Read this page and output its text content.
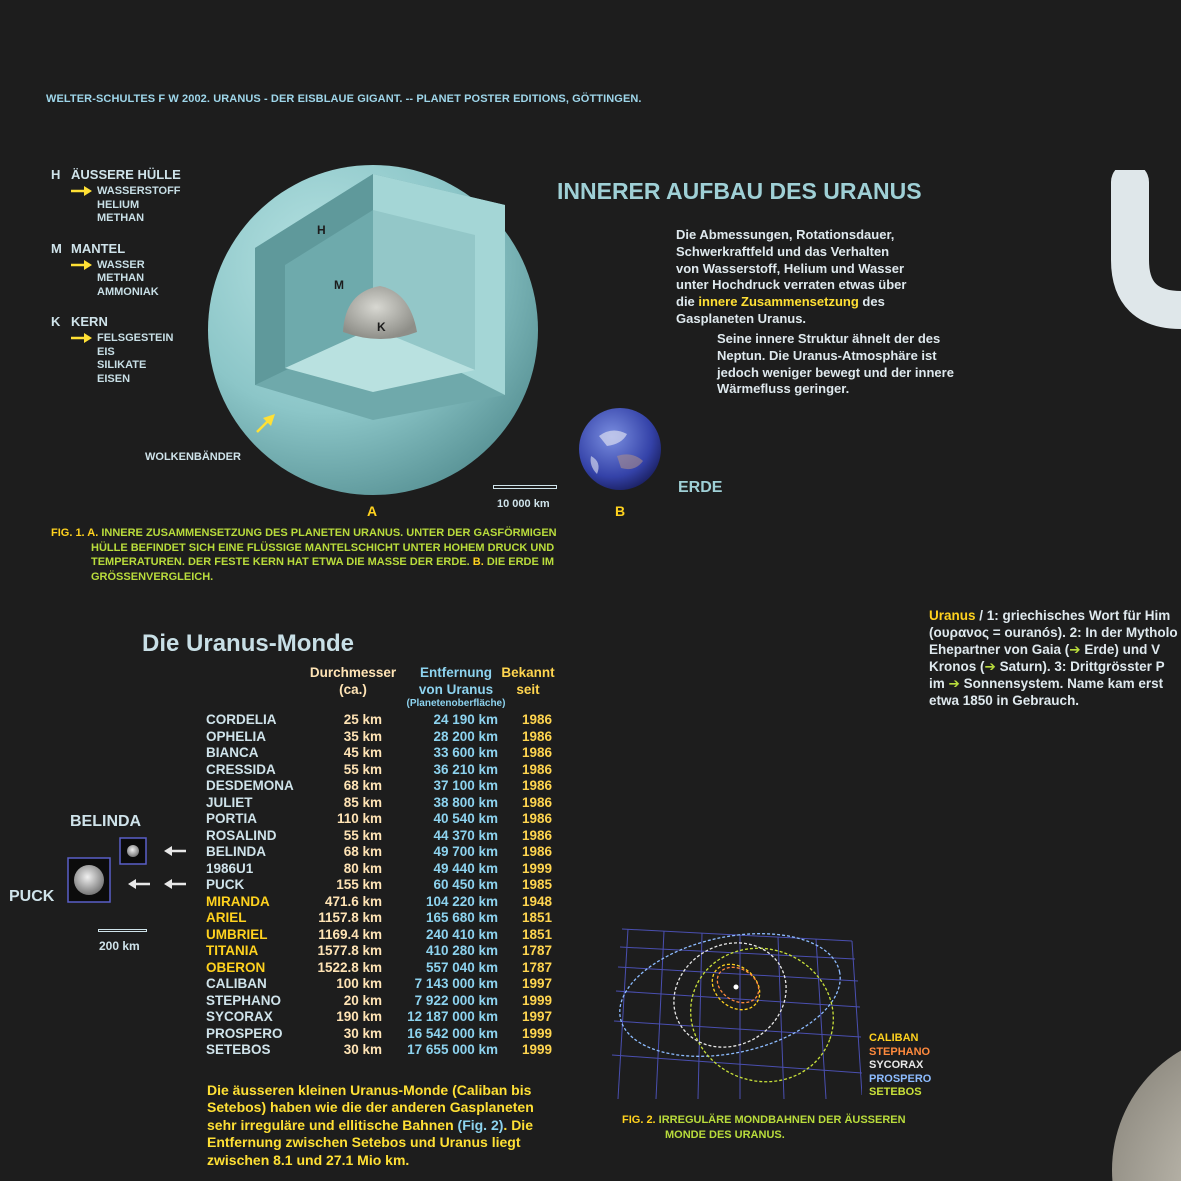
WELTER-SCHULTES F W 2002. URANUS - DER EISBLAUE GIGANT. -- PLANET POSTER EDITIONS, GÖTTINGEN.
H ÄUSSERE HÜLLE
WASSERSTOFF
HELIUM
METHAN
M MANTEL
WASSER
METHAN
AMMONIAK
K KERN
FELSGESTEIN
EIS
SILIKATE
EISEN
H
M
K
WOLKENBÄNDER
A	10 000 km	B
ERDE
FIG. 1. A. INNERE ZUSAMMENSETZUNG DES PLANETEN URANUS. UNTER DER GASFÖRMIGEN
HÜLLE BEFINDET SICH EINE FLÜSSIGE MANTELSCHICHT UNTER HOHEM DRUCK UND
TEMPERATUREN. DER FESTE KERN HAT ETWA DIE MASSE DER ERDE. B. DIE ERDE IM
GRÖSSENVERGLEICH.
INNERER AUFBAU DES URANUS
Die Abmessungen, Rotationsdauer,
Schwerkraftfeld und das Verhalten
von Wasserstoff, Helium und Wasser
unter Hochdruck verraten etwas über
die innere Zusammensetzung des
Gasplaneten Uranus.
Seine innere Struktur ähnelt der des
Neptun. Die Uranus-Atmosphäre ist
jedoch weniger bewegt und der innere
Wärmefluss geringer.
Uranus / 1: griechisches Wort für Him
(ουρανος = ouranós). 2: In der Mytholo
Ehepartner von Gaia (➔ Erde) und V
Kronos (➔ Saturn). 3: Drittgrösster P
im ➔ Sonnensystem. Name kam erst
etwa 1850 in Gebrauch.
Die Uranus-Monde
Durchmesser
(ca.)
Entfernung
von Uranus
(Planetenoberfläche)
Bekannt
seit
CORDELIA	25 km	24 190 km	1986
OPHELIA	35 km	28 200 km	1986
BIANCA	45 km	33 600 km	1986
CRESSIDA	55 km	36 210 km	1986
DESDEMONA	68 km	37 100 km	1986
JULIET	85 km	38 800 km	1986
PORTIA	110 km	40 540 km	1986
ROSALIND	55 km	44 370 km	1986
BELINDA	68 km	49 700 km	1986
1986U1	80 km	49 440 km	1999
PUCK	155 km	60 450 km	1985
MIRANDA	471.6 km	104 220 km	1948
ARIEL	1157.8 km	165 680 km	1851
UMBRIEL	1169.4 km	240 410 km	1851
TITANIA	1577.8 km	410 280 km	1787
OBERON	1522.8 km	557 040 km	1787
CALIBAN	100 km	7 143 000 km	1997
STEPHANO	20 km	7 922 000 km	1999
SYCORAX	190 km	12 187 000 km	1997
PROSPERO	30 km	16 542 000 km	1999
SETEBOS	30 km	17 655 000 km	1999
BELINDA
PUCK
200 km
Die äusseren kleinen Uranus-Monde (Caliban bis
Setebos) haben wie die der anderen Gasplaneten
sehr irreguläre und ellitische Bahnen (Fig. 2). Die
Entfernung zwischen Setebos und Uranus liegt
zwischen 8.1 und 27.1 Mio km.
CALIBAN
STEPHANO
SYCORAX
PROSPERO
SETEBOS
FIG. 2. IRREGULÄRE MONDBAHNEN DER ÄUSSEREN
MONDE DES URANUS.
